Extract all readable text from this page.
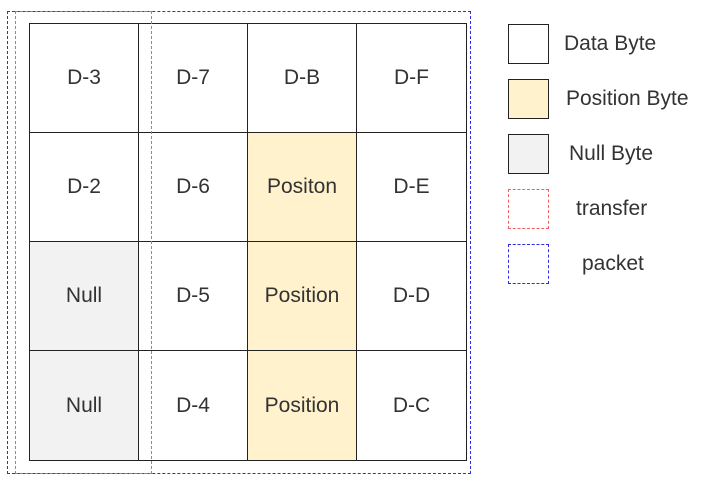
D-3	D-7	D-B	D-F
D-2	D-6	Positon	D-E
Null	D-5	Position	D-D
Null	D-4	Position	D-C
Data Byte
Position Byte
Null Byte
transfer
packet
